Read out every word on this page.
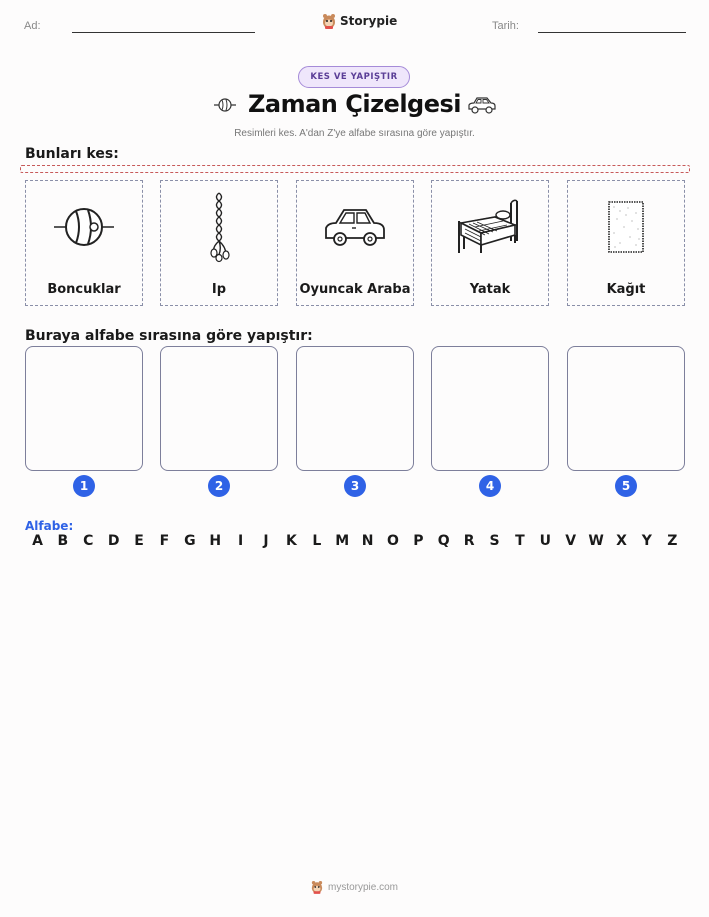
Ad:	Storypie	Tarih:
KES VE YAPIŞTIR
Zaman Çizelgesi
Resimleri kes. A'dan Z'ye alfabe sırasına göre yapıştır.
Bunları kes:
Boncuklar	Ip	Oyuncak Araba	Yatak	Kağıt
Buraya alfabe sırasına göre yapıştır:
1	2	3	4	5
Alfabe:
A	B	C	D	E	F	G H	I	J	K	L M N O	P	Q	R	S	T	U	V W X	Y	Z
mystorypie.com
